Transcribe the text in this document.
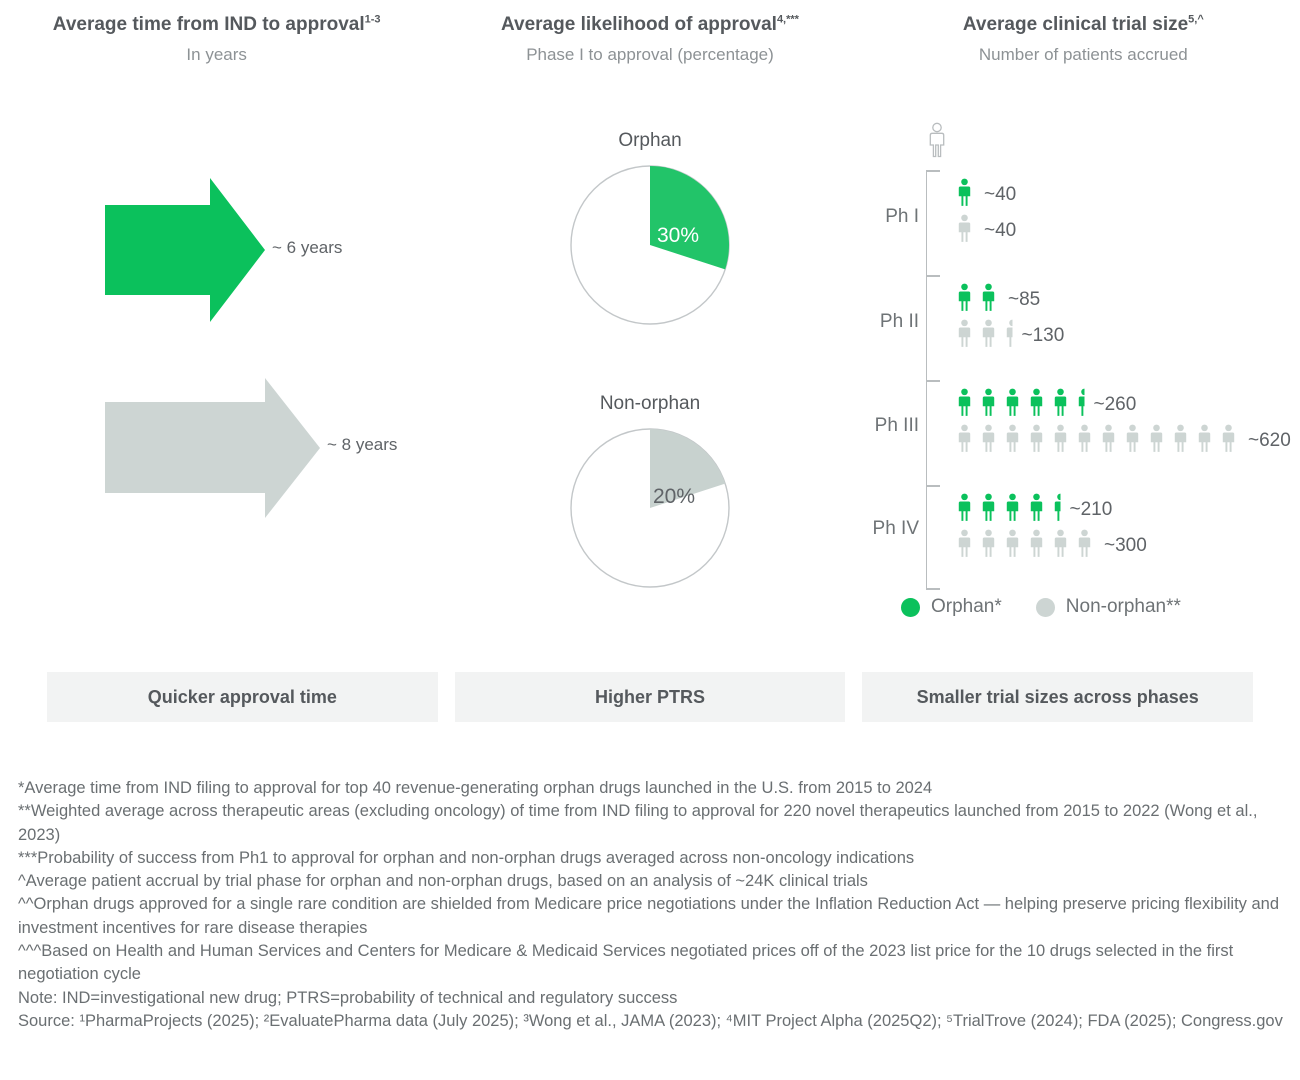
Average time from IND to approval$^{1-3}$
In years
Average likelihood of approval$^{4,***}$
Phase I to approval (percentage)
Average clinical trial size$^{5,\^{}}$
Number of patients accrued
~ 6 years
~ 8 years
Orphan
30%
Non-orphan
20%
Ph I
~40
~40
Ph II
~85
~130
Ph III
~260
~620
Ph IV
~210
~300
Orphan*	Non-orphan**
Quicker approval time	Higher PTRS	Smaller trial sizes across phases

*Average time from IND filing to approval for top 40 revenue-generating orphan drugs launched in the U.S. from 2015 to 2024

**Weighted average across therapeutic areas (excluding oncology) of time from IND filing to approval for 220 novel therapeutics launched from 2015 to 2022 (Wong et al., 2023)

***Probability of success from Ph1 to approval for orphan and non-orphan drugs averaged across non-oncology indications

^Average patient accrual by trial phase for orphan and non-orphan drugs, based on an analysis of ~24K clinical trials

^^Orphan drugs approved for a single rare condition are shielded from Medicare price negotiations under the Inflation Reduction Act — helping preserve pricing flexibility and investment incentives for rare disease therapies

^^^Based on Health and Human Services and Centers for Medicare & Medicaid Services negotiated prices off of the 2023 list price for the 10 drugs selected in the first negotiation cycle

Note: IND=investigational new drug; PTRS=probability of technical and regulatory success

Source: ¹PharmaProjects (2025); ²EvaluatePharma data (July 2025); ³Wong et al., JAMA (2023); ⁴MIT Project Alpha (2025Q2); ⁵TrialTrove (2024); FDA (2025); Congress.gov
